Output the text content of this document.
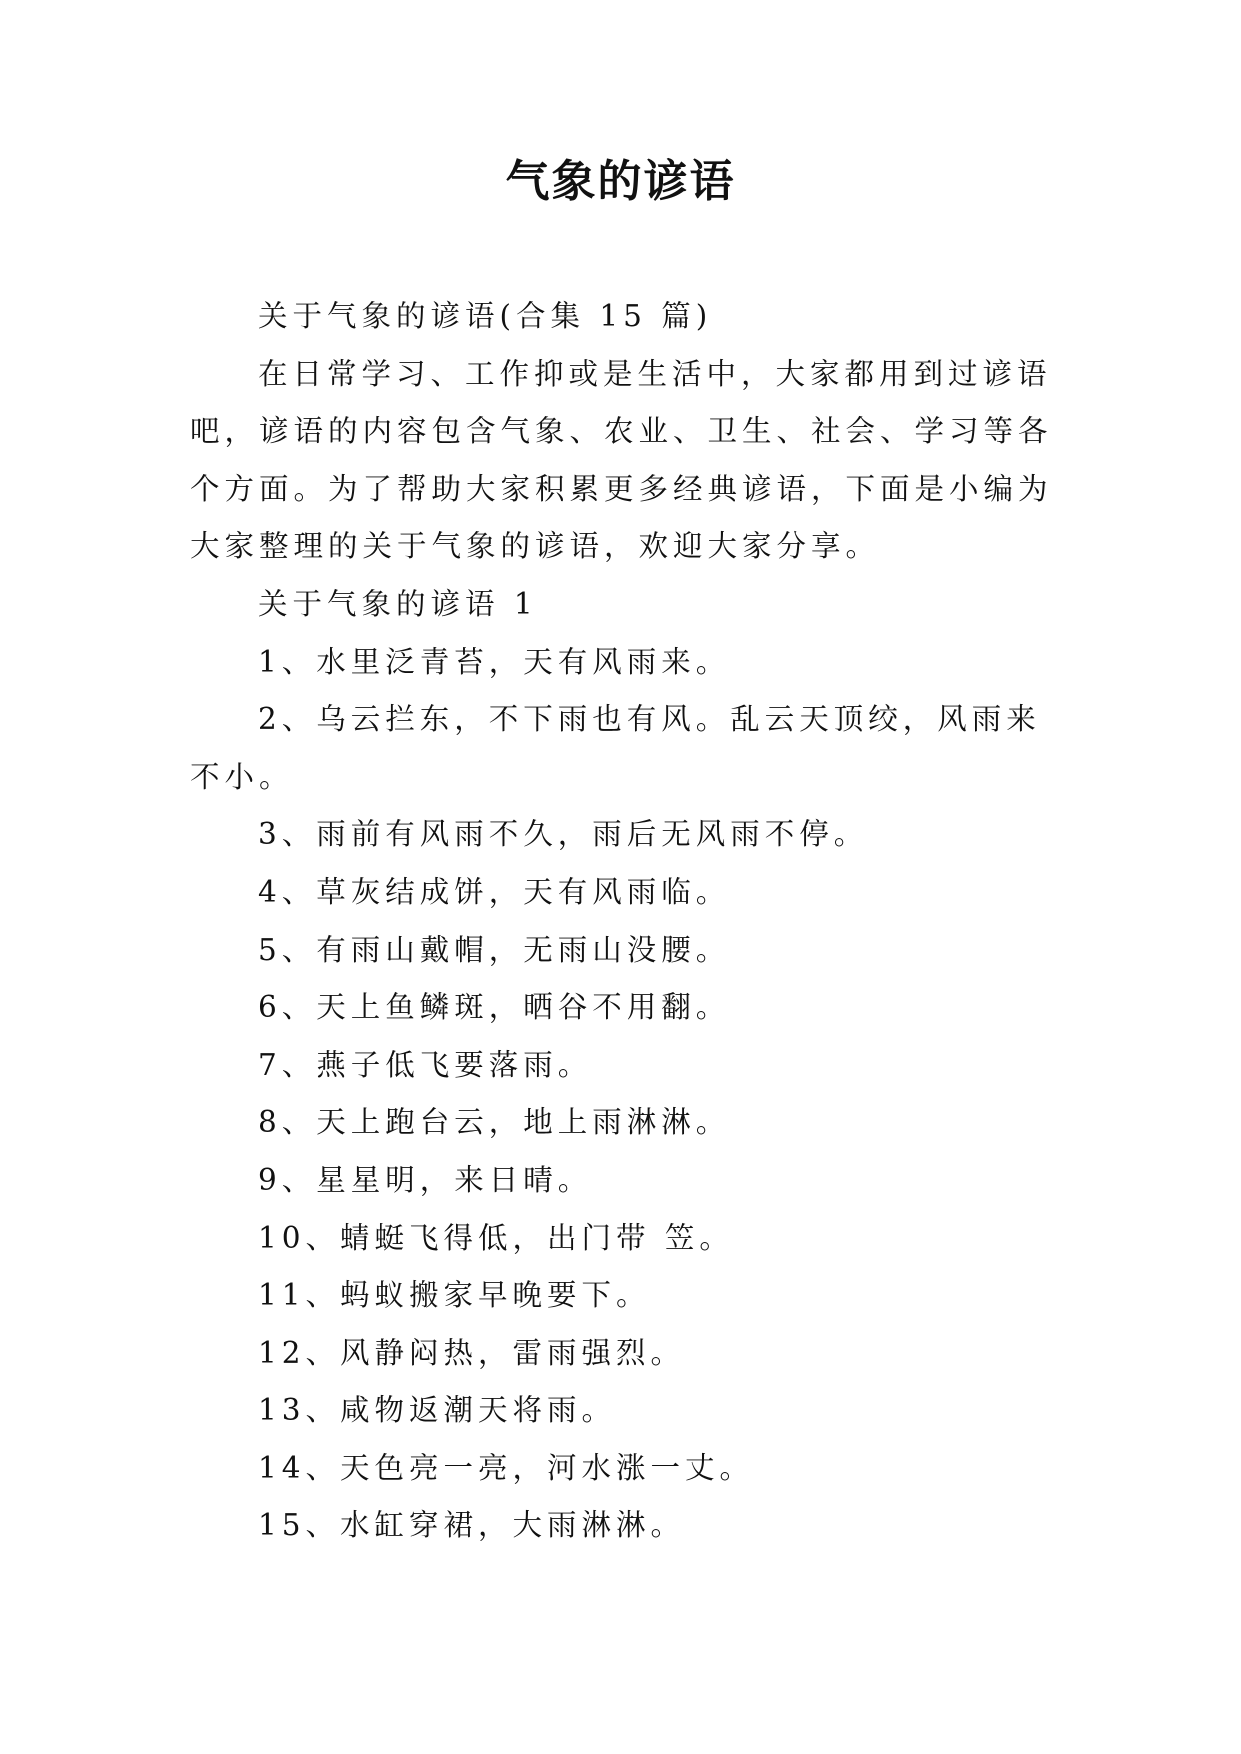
气象的谚语

关于气象的谚语(合集 15 篇)

在日常学习、工作抑或是生活中，大家都用到过谚语吧，谚语的内容包含气象、农业、卫生、社会、学习等各个方面。为了帮助大家积累更多经典谚语，下面是小编为大家整理的关于气象的谚语，欢迎大家分享。

关于气象的谚语 1

1、水里泛青苔，天有风雨来。

2、乌云拦东，不下雨也有风。乱云天顶绞，风雨来不小。

3、雨前有风雨不久，雨后无风雨不停。

4、草灰结成饼，天有风雨临。

5、有雨山戴帽，无雨山没腰。

6、天上鱼鳞斑，晒谷不用翻。

7、燕子低飞要落雨。

8、天上跑台云，地上雨淋淋。

9、星星明，来日晴。

10、蜻蜓飞得低，出门带 笠。

11、蚂蚁搬家早晚要下。

12、风静闷热，雷雨强烈。

13、咸物返潮天将雨。

14、天色亮一亮，河水涨一丈。

15、水缸穿裙，大雨淋淋。
